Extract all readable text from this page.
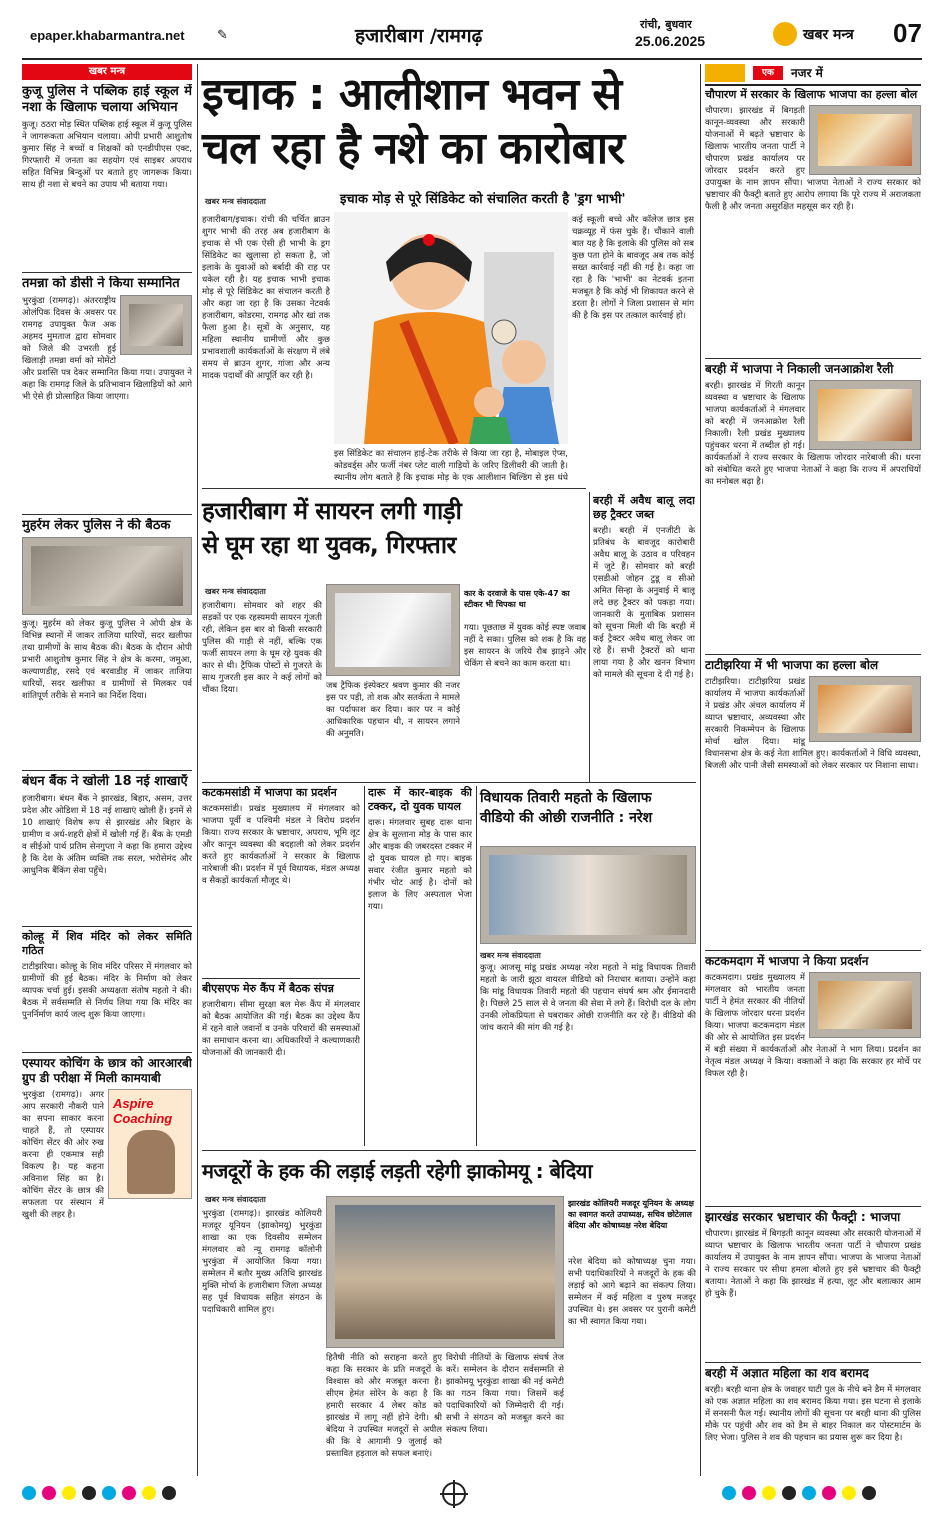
epaper.khabarmantra.net ✎	हजारीबाग /रामगढ़
रांची, बुधवार
25.06.2025	खबर मन्त्र 07
खबर मन्त्र
कुजू पुलिस ने पब्लिक हाई स्कूल में नशा के खिलाफ चलाया अभियान

कुजू। ठठरा मोड़ स्थित पब्लिक हाई स्कूल में कुजू पुलिस ने जागरूकता अभियान चलाया। ओपी प्रभारी आशुतोष कुमार सिंह ने बच्चों व शिक्षकों को एनडीपीएस एक्ट, गिरफ्तारी में जनता का सहयोग एवं साइबर अपराध सहित विभिन्न बिन्दुओं पर बताते हुए जागरूक किया। साथ ही नशा से बचने का उपाय भी बताया गया।

तमन्ना को डीसी ने किया सम्मानित

भुरकुंडा (रामगढ़)। अंतरराष्ट्रीय ओलंपिक दिवस के अवसर पर रामगढ़ उपायुक्त फैज अक अहमद मुमताज द्वारा सोमवार को जिले की उभरती हुई खिलाड़ी तमन्ना वर्मा को मोमेंटो और प्रशस्ति पत्र देकर सम्मानित किया गया। उपायुक्त ने कहा कि रामगढ़ जिले के प्रतिभावान खिलाड़ियों को आगे भी ऐसे ही प्रोत्साहित किया जाएगा।

मुहर्रम लेकर पुलिस ने की बैठक

कुजू। मुहर्रम को लेकर कुजू पुलिस ने ओपी क्षेत्र के विभिन्न स्थानों में जाकर ताजिया धारियों, सदर खलीफा तथा ग्रामीणों के साथ बैठक की। बैठक के दौरान ओपी प्रभारी आशुतोष कुमार सिंह ने क्षेत्र के करमा, जमुआ, कल्याणडीह, रसदे एवं बरवाडीह में जाकर ताजिया धारियों, सदर खलीफा व ग्रामीणों से मिलकर पर्व शांतिपूर्ण तरीके से मनाने का निर्देश दिया।

बंधन बैंक ने खोली 18 नई शाखाएँ

हजारीबाग। बंधन बैंक ने झारखंड, बिहार, असम, उत्तर प्रदेश और ओडिशा में 18 नई शाखाएं खोली हैं। इनमें से 10 शाखाएं विशेष रूप से झारखंड और बिहार के ग्रामीण व अर्ध-शहरी क्षेत्रों में खोली गई हैं। बैंक के एमडी व सीईओ पार्थ प्रतिम सेनगुप्ता ने कहा कि हमारा उद्देश्य है कि देश के अंतिम व्यक्ति तक सरल, भरोसेमंद और आधुनिक बैंकिंग सेवा पहुँचे।

कोल्हू में शिव मंदिर को लेकर समिति गठित

टाटीझरिया। कोल्हू के शिव मंदिर परिसर में मंगलवार को ग्रामीणों की हुई बैठक। मंदिर के निर्माण को लेकर व्यापक चर्चा हुई। इसकी अध्यक्षता संतोष महतो ने की। बैठक में सर्वसम्मति से निर्णय लिया गया कि मंदिर का पुनर्निर्माण कार्य जल्द शुरू किया जाएगा।

एस्पायर कोचिंग के छात्र को आरआरबी ग्रुप डी परीक्षा में मिली कामयाबी
Aspire Coaching

भुरकुंडा (रामगढ़)। अगर आप सरकारी नौकरी पाने का सपना साकार करना चाहते हैं, तो एस्पायर कोचिंग सेंटर की ओर रुख करना ही एकमात्र सही विकल्प है। यह कहना अविनाश सिंह का है। कोचिंग सेंटर के छात्र की सफलता पर संस्थान में खुशी की लहर है।

इचाक : आलीशान भवन से
चल रहा है नशे का कारोबार
खबर मन्त्र संवाददाता	इचाक मोड़ से पूरे सिंडिकेट को संचालित करती है 'ड्रग भाभी'
हजारीबाग/इचाक। रांची की चर्चित ब्राउन शुगर भाभी की तरह अब हजारीबाग के इचाक से भी एक ऐसी ही भाभी के ड्रग सिंडिकेट का खुलासा हो सकता है, जो इलाके के युवाओं को बर्बादी की राह पर धकेल रही है। यह इचाक भाभी इचाक मोड़ से पूरे सिंडिकेट का संचालन करती है और कहा जा रहा है कि उसका नेटवर्क हजारीबाग, कोडरमा, रामगढ़ और खां तक फैला हुआ है। सूत्रों के अनुसार, यह महिला स्थानीय ग्रामीणों और कुछ प्रभावशाली कार्यकर्ताओं के संरक्षण में लंबे समय से ब्राउन शुगर, गांजा और अन्य मादक पदार्थों की आपूर्ति कर रही है।
कई स्कूली बच्चे और कॉलेज छात्र इस चक्रव्यूह में फंस चुके हैं। चौंकाने वाली बात यह है कि इलाके की पुलिस को सब कुछ पता होने के बावजूद अब तक कोई सख्त कार्रवाई नहीं की गई है। कहा जा रहा है कि 'भाभी' का नेटवर्क इतना मजबूत है कि कोई भी शिकायत करने से डरता है। लोगों ने जिला प्रशासन से मांग की है कि इस पर तत्काल कार्रवाई हो।
इस सिंडिकेट का संचालन हाई-टेक तरीके से किया जा रहा है, मोबाइल ऐप्स, कोडवर्ड्स और फर्जी नंबर प्लेट वाली गाड़ियों के जरिए डिलीवरी की जाती है। स्थानीय लोग बताते हैं कि इचाक मोड़ के एक आलीशान बिल्डिंग से इस धंधे
हजारीबाग में सायरन लगी गाड़ी
से घूम रहा था युवक, गिरफ्तार
खबर मन्त्र संवाददाता	कार के दरवाजे के पास एके-47 का स्टीकर भी चिपका था
हजारीबाग। सोमवार को शहर की सड़कों पर एक रहस्यमयी सायरन गूंजती रही, लेकिन इस बार वो किसी सरकारी पुलिस की गाड़ी से नहीं, बल्कि एक फर्जी सायरन लगा के घूम रहे युवक की कार से थी। ट्रैफिक पोस्टों से गुजरते के साथ गुजरती इस कार ने कई लोगों को चौंका दिया।	जब ट्रैफिक इंस्पेक्टर श्रवण कुमार की नजर इस पर पड़ी, तो शक और सतर्कता ने मामले का पर्दाफाश कर दिया। कार पर न कोई आधिकारिक पहचान थी, न सायरन लगाने की अनुमति।
गया। पूछताछ में युवक कोई स्पष्ट जवाब नहीं दे सका। पुलिस को शक है कि वह इस सायरन के जरिये रौब झाड़ने और चेकिंग से बचने का काम करता था।
बरही में अवैध बालू लदा छह ट्रैक्टर जब्त

बरही। बरही में एनजीटी के प्रतिबंध के बावजूद कारोबारी अवैध बालू के उठाव व परिवहन में जुटे हैं। सोमवार को बरही एसडीओ जोहन टुडू व सीओ अमित सिन्हा के अनुवाई में बालू लदे छह ट्रैक्टर को पकड़ा गया। जानकारी के मुताबिक प्रशासन को सूचना मिली थी कि बरही में कई ट्रैक्टर अवैध बालू लेकर जा रहे हैं। सभी ट्रैक्टरों को थाना लाया गया है और खनन विभाग को मामले की सूचना दे दी गई है।

कटकमसांडी में भाजपा का प्रदर्शन

कटकमसांडी। प्रखंड मुख्यालय में मंगलवार को भाजपा पूर्वी व पश्चिमी मंडल ने विरोध प्रदर्शन किया। राज्य सरकार के भ्रष्टाचार, अपराध, भूमि लूट और कानून व्यवस्था की बदहाली को लेकर प्रदर्शन करते हुए कार्यकर्ताओं ने सरकार के खिलाफ नारेबाजी की। प्रदर्शन में पूर्व विधायक, मंडल अध्यक्ष व सैकड़ों कार्यकर्ता मौजूद थे।

बीएसएफ मेरु कैंप में बैठक संपन्न

हजारीबाग। सीमा सुरक्षा बल मेरू कैंप में मंगलवार को बैठक आयोजित की गई। बैठक का उद्देश्य कैंप में रहने वाले जवानों व उनके परिवारों की समस्याओं का समाधान करना था। अधिकारियों ने कल्याणकारी योजनाओं की जानकारी दी।

दारू में कार-बाइक की टक्कर, दो युवक घायल

दारू। मंगलवार सुबह दारू थाना क्षेत्र के सुल्ताना मोड़ के पास कार और बाइक की जबरदस्त टक्कर में दो युवक घायल हो गए। बाइक सवार रंजीत कुमार महतो को गंभीर चोट आई है। दोनों को इलाज के लिए अस्पताल भेजा गया।

विधायक तिवारी महतो के खिलाफ
वीडियो की ओछी राजनीति : नरेश
खबर मन्त्र संवाददाता
कुजू। आजसू मांडू प्रखंड अध्यक्ष नरेश महतो ने मांडू विधायक तिवारी महतो के जारी झूठा वायरल वीडियो को निराधार बताया। उन्होंने कहा कि मांडू विधायक तिवारी महतो की पहचान संघर्ष श्रम और ईमानदारी है। पिछले 25 साल से वे जनता की सेवा में लगे हैं। विरोधी दल के लोग उनकी लोकप्रियता से घबराकर ओछी राजनीति कर रहे हैं। वीडियो की जांच कराने की मांग की गई है।
मजदूरों के हक की लड़ाई लड़ती रहेगी झाकोमयू : बेदिया
खबर मन्त्र संवाददाता	झारखंड कोलियरी मजदूर यूनियन के अध्यक्ष का स्वागत करते उपाध्यक्ष, सचिव छोटेलाल बेदिया और कोषाध्यक्ष नरेश बेदिया
भुरकुंडा (रामगढ़)। झारखंड कोलियरी मजदूर यूनियन (झाकोमयू) भुरकुंडा शाखा का एक दिवसीय सम्मेलन मंगलवार को न्यू रामगढ़ कॉलोनी भुरकुंडा में आयोजित किया गया। सम्मेलन में बतौर मुख्य अतिथि झारखंड मुक्ति मोर्चा के हजारीबाग जिला अध्यक्ष सह पूर्व विधायक सहित संगठन के पदाधिकारी शामिल हुए।
हितैषी नीति को सराहना करते हुए कहा कि सरकार के प्रति मजदूरों के विश्वास को और मजबूत करना है। सीएम हेमंत सोरेन के कहा है कि हमारी सरकार 4 लेबर कोड को झारखंड में लागू नहीं होने देगी। श्री बेदिया ने उपस्थित मजदूरों से अपील की कि वे आगामी 9 जुलाई को प्रस्तावित हड़ताल को सफल बनाएं।
विरोधी नीतियों के खिलाफ संघर्ष तेज करें। सम्मेलन के दौरान सर्वसम्मति से झाकोमयू भुरकुंडा शाखा की नई कमेटी का गठन किया गया। जिसमें कई पदाधिकारियों को जिम्मेदारी दी गई। सभी ने संगठन को मजबूत करने का संकल्प लिया।
नरेश बेदिया को कोषाध्यक्ष चुना गया। सभी पदाधिकारियों ने मजदूरों के हक की लड़ाई को आगे बढ़ाने का संकल्प लिया। सम्मेलन में कई महिला व पुरुष मजदूर उपस्थित थे। इस अवसर पर पुरानी कमेटी का भी स्वागत किया गया।
एक	नजर में
चौपारण में सरकार के खिलाफ भाजपा का हल्ला बोल

चौपारण। झारखंड में बिगड़ती कानून-व्यवस्था और सरकारी योजनाओं में बढ़ते भ्रष्टाचार के खिलाफ भारतीय जनता पार्टी ने चौपारण प्रखंड कार्यालय पर जोरदार प्रदर्शन करते हुए उपायुक्त के नाम ज्ञापन सौंपा। भाजपा नेताओं ने राज्य सरकार को भ्रष्टाचार की फैक्ट्री बताते हुए आरोप लगाया कि पूरे राज्य में अराजकता फैली है और जनता असुरक्षित महसूस कर रही है।

बरही में भाजपा ने निकाली जनआक्रोश रैली

बरही। झारखंड में गिरती कानून व्यवस्था व भ्रष्टाचार के खिलाफ भाजपा कार्यकर्ताओं ने मंगलवार को बरही में जनआक्रोश रैली निकाली। रैली प्रखंड मुख्यालय पहुंचकर धरना में तब्दील हो गई। कार्यकर्ताओं ने राज्य सरकार के खिलाफ जोरदार नारेबाजी की। धरना को संबोधित करते हुए भाजपा नेताओं ने कहा कि राज्य में अपराधियों का मनोबल बढ़ा है।

टाटीझरिया में भी भाजपा का हल्ला बोल

टाटीझरिया। टाटीझरिया प्रखंड कार्यालय में भाजपा कार्यकर्ताओं ने प्रखंड और अंचल कार्यालय में व्याप्त भ्रष्टाचार, अव्यवस्था और सरकारी निकम्मेपन के खिलाफ मोर्चा खोल दिया। मांडू विधानसभा क्षेत्र के कई नेता शामिल हुए। कार्यकर्ताओं ने विधि व्यवस्था, बिजली और पानी जैसी समस्याओं को लेकर सरकार पर निशाना साधा।

कटकमदाग में भाजपा ने किया प्रदर्शन

कटकमदाग। प्रखंड मुख्यालय में मंगलवार को भारतीय जनता पार्टी ने हेमंत सरकार की नीतियों के खिलाफ जोरदार धरना प्रदर्शन किया। भाजपा कटकमदाग मंडल की ओर से आयोजित इस प्रदर्शन में बड़ी संख्या में कार्यकर्ताओं और नेताओं ने भाग लिया। प्रदर्शन का नेतृत्व मंडल अध्यक्ष ने किया। वक्ताओं ने कहा कि सरकार हर मोर्चे पर विफल रही है।

झारखंड सरकार भ्रष्टाचार की फैक्ट्री : भाजपा

चौपारण। झारखंड में बिगड़ती कानून व्यवस्था और सरकारी योजनाओं में व्याप्त भ्रष्टाचार के खिलाफ भारतीय जनता पार्टी ने चौपारण प्रखंड कार्यालय में उपायुक्त के नाम ज्ञापन सौंपा। भाजपा के भाजपा नेताओं ने राज्य सरकार पर सीधा हमला बोलते हुए इसे भ्रष्टाचार की फैक्ट्री बताया। नेताओं ने कहा कि झारखंड में हत्या, लूट और बलात्कार आम हो चुके हैं।

बरही में अज्ञात महिला का शव बरामद

बरही। बरही थाना क्षेत्र के जवाहर घाटी पुल के नीचे बने डैम में मंगलवार को एक अज्ञात महिला का शव बरामद किया गया। इस घटना से इलाके में सनसनी फैल गई। स्थानीय लोगों की सूचना पर बरही थाना की पुलिस मौके पर पहुंची और शव को डैम से बाहर निकाल कर पोस्टमार्टम के लिए भेजा। पुलिस ने शव की पहचान का प्रयास शुरू कर दिया है।
